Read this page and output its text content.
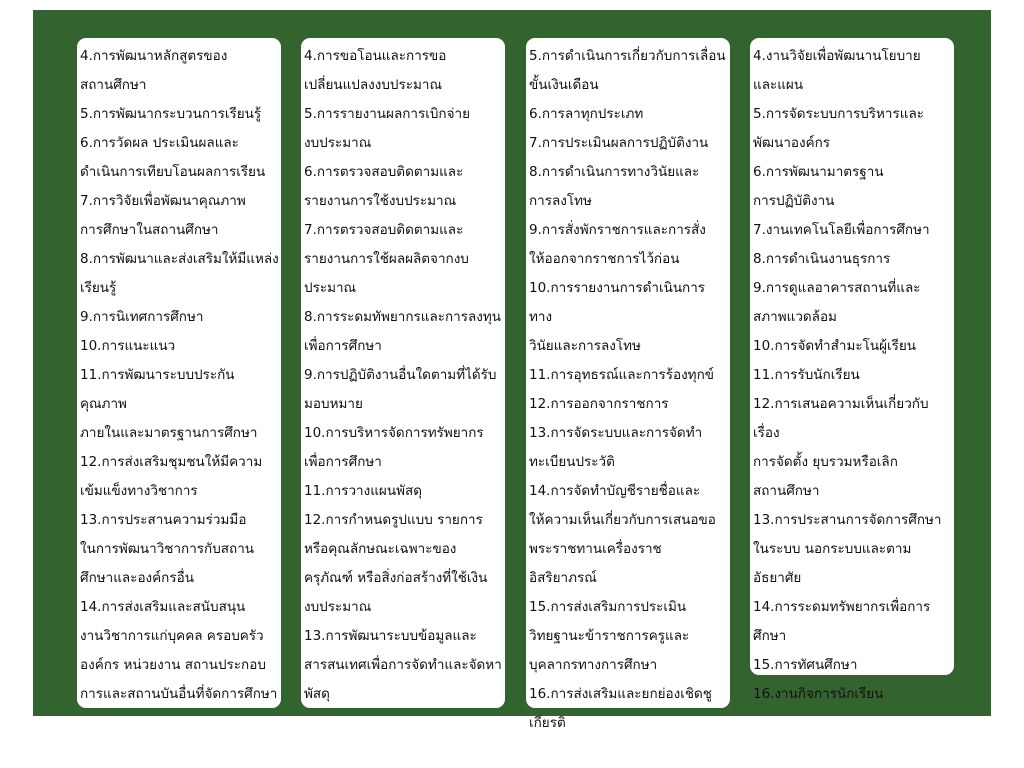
4.การพัฒนาหลักสูตรของ
สถานศึกษา
5.การพัฒนากระบวนการเรียนรู้
6.การวัดผล ประเมินผลและ
ดำเนินการเทียบโอนผลการเรียน
7.การวิจัยเพื่อพัฒนาคุณภาพ
การศึกษาในสถานศึกษา
8.การพัฒนาและส่งเสริมให้มีแหล่ง
เรียนรู้
9.การนิเทศการศึกษา
10.การแนะแนว
11.การพัฒนาระบบประกันคุณภาพ
ภายในและมาตรฐานการศึกษา
12.การส่งเสริมชุมชนให้มีความ
เข้มแข็งทางวิชาการ
13.การประสานความร่วมมือ
ในการพัฒนาวิชาการกับสถาน
ศึกษาและองค์กรอื่น
14.การส่งเสริมและสนับสนุน
งานวิชาการแก่บุคคล ครอบครัว
องค์กร หน่วยงาน สถานประกอบ
การและสถานบันอื่นที่จัดการศึกษา
4.การขอโอนและการขอ
เปลี่ยนแปลงงบประมาณ
5.การรายงานผลการเบิกจ่าย
งบประมาณ
6.การตรวจสอบติดตามและ
รายงานการใช้งบประมาณ
7.การตรวจสอบติดตามและ
รายงานการใช้ผลผลิตจากงบ
ประมาณ
8.การระดมทัพยากรและการลงทุน
เพื่อการศึกษา
9.การปฏิบัติงานอื่นใดตามที่ได้รับ
มอบหมาย
10.การบริหารจัดการทรัพยากร
เพื่อการศึกษา
11.การวางแผนพัสดุ
12.การกำหนดรูปแบบ รายการ
หรือคุณลักษณะเฉพาะของ
ครุภัณฑ์ หรือสิ่งก่อสร้างที่ใช้เงิน
งบประมาณ
13.การพัฒนาระบบข้อมูลและ
สารสนเทศเพื่อการจัดทำและจัดหา
พัสดุ
5.การดำเนินการเกี่ยวกับการเลื่อน
ขั้นเงินเดือน
6.การลาทุกประเภท
7.การประเมินผลการปฏิบัติงาน
8.การดำเนินการทางวินัยและ
การลงโทษ
9.การสั่งพักราชการและการสั่ง
ให้ออกจากราชการไว้ก่อน
10.การรายงานการดำเนินการทาง
วินัยและการลงโทษ
11.การอุทธรณ์และการร้องทุกข์
12.การออกจากราชการ
13.การจัดระบบและการจัดทำ
ทะเบียนประวัติ
14.การจัดทำบัญชีรายชื่อและ
ให้ความเห็นเกี่ยวกับการเสนอขอ
พระราชทานเครื่องราชอิสริยาภรณ์
15.การส่งเสริมการประเมิน
วิทยฐานะข้าราชการครูและ
บุคลากรทางการศึกษา
16.การส่งเสริมและยกย่องเชิดชู
เกียรติ
4.งานวิจัยเพื่อพัฒนานโยบาย
และแผน
5.การจัดระบบการบริหารและ
พัฒนาองค์กร
6.การพัฒนามาตรฐาน
การปฏิบัติงาน
7.งานเทคโนโลยีเพื่อการศึกษา
8.การดำเนินงานธุรการ
9.การดูแลอาคารสถานที่และ
สภาพแวดล้อม
10.การจัดทำสำมะโนผู้เรียน
11.การรับนักเรียน
12.การเสนอความเห็นเกี่ยวกับเรื่อง
การจัดตั้ง ยุบรวมหรือเลิก
สถานศึกษา
13.การประสานการจัดการศึกษา
ในระบบ นอกระบบและตาม
อัธยาศัย
14.การระดมทรัพยากรเพื่อการ
ศึกษา
15.การทัศนศึกษา
16.งานกิจการนักเรียน
